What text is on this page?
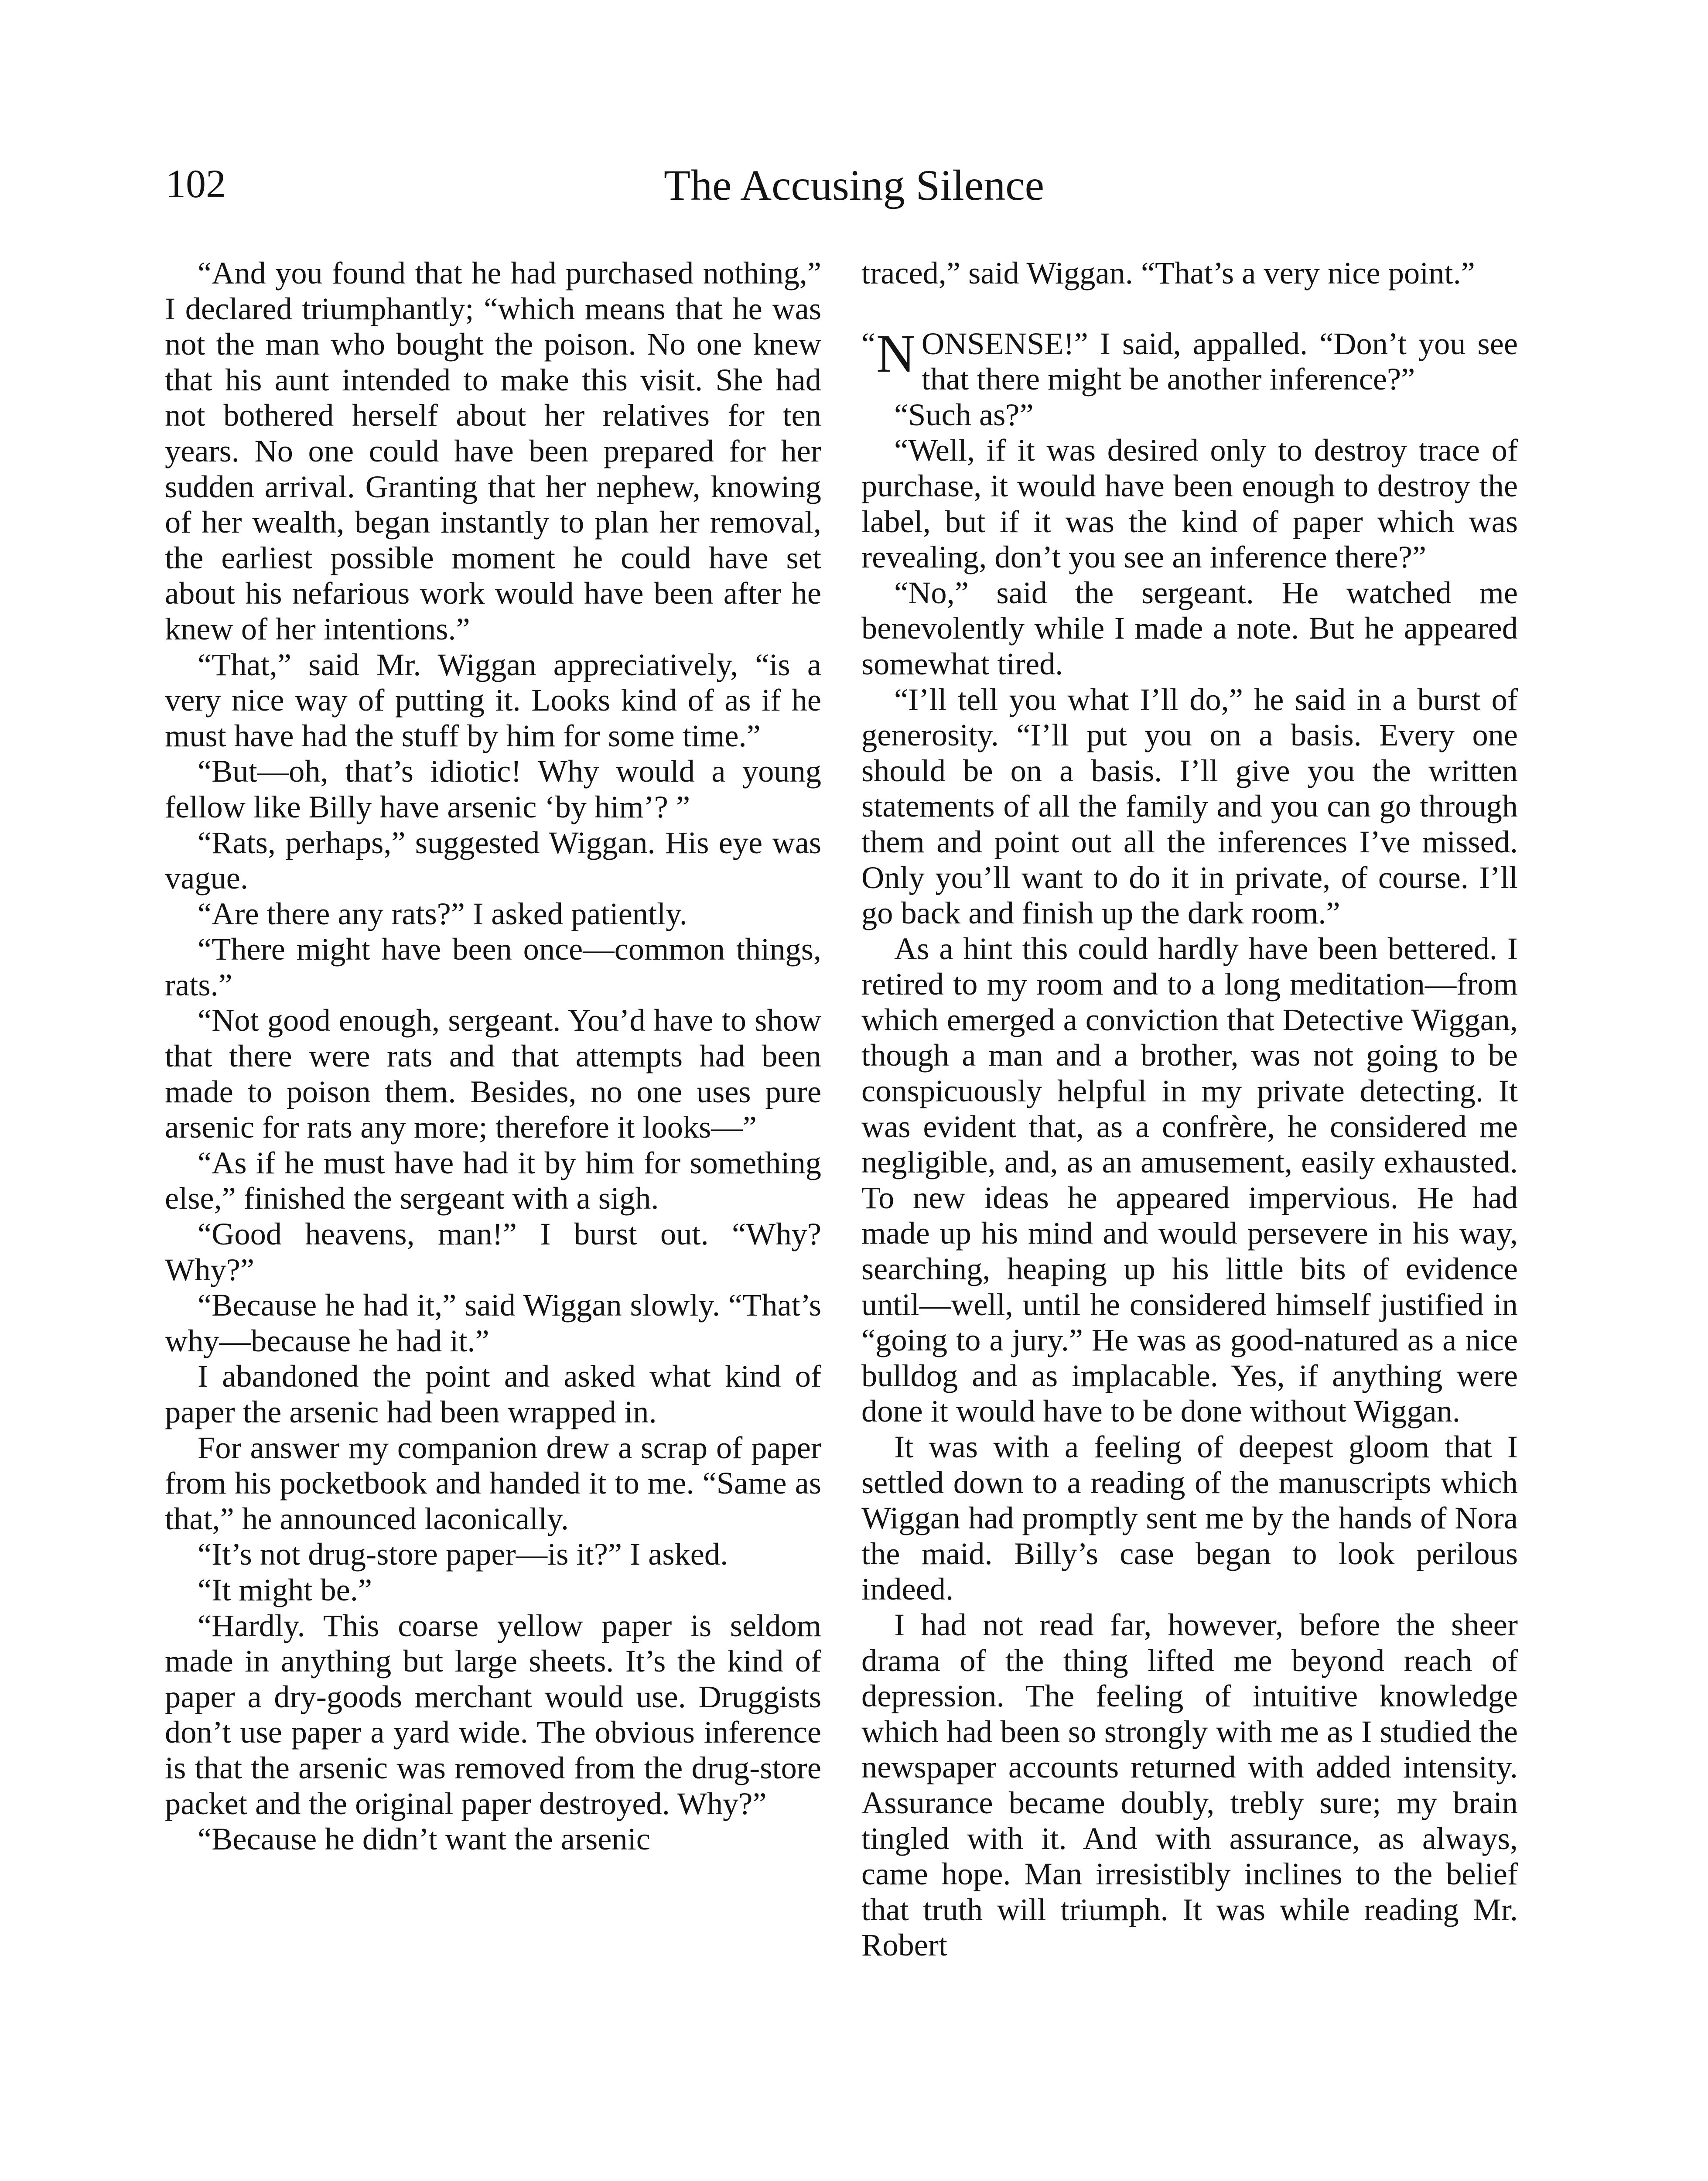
102	The Accusing Silence

“And you found that he had purchased nothing,” I declared triumphantly; “which means that he was not the man who bought the poison. No one knew that his aunt intended to make this visit. She had not bothered herself about her relatives for ten years. No one could have been prepared for her sudden arrival. Granting that her nephew, knowing of her wealth, began instantly to plan her removal, the earliest possible moment he could have set about his nefarious work would have been after he knew of her intentions.”

“That,” said Mr. Wiggan appreciatively, “is a very nice way of putting it. Looks kind of as if he must have had the stuff by him for some time.”

“But—oh, that’s idiotic! Why would a young fellow like Billy have arsenic ‘by him’? ”

“Rats, perhaps,” suggested Wiggan. His eye was vague.

“Are there any rats?” I asked patiently.

“There might have been once—common things, rats.”

“Not good enough, sergeant. You’d have to show that there were rats and that attempts had been made to poison them. Besides, no one uses pure arsenic for rats any more; therefore it looks—”

“As if he must have had it by him for something else,” finished the sergeant with a sigh.

“Good heavens, man!” I burst out. “Why? Why?”

“Because he had it,” said Wiggan slowly. “That’s why—because he had it.”

I abandoned the point and asked what kind of paper the arsenic had been wrapped in.

For answer my companion drew a scrap of paper from his pocketbook and handed it to me. “Same as that,” he announced laconically.

“It’s not drug-store paper—is it?” I asked.

“It might be.”

“Hardly. This coarse yellow paper is seldom made in anything but large sheets. It’s the kind of paper a dry-goods merchant would use. Druggists don’t use paper a yard wide. The obvious inference is that the arsenic was removed from the drug-store packet and the original paper destroyed. Why?”

“Because he didn’t want the arsenic

traced,” said Wiggan. “That’s a very nice point.”

“ N ONSENSE!” I said, appalled. “Don’t you see that there might be another inference?”

“Such as?”

“Well, if it was desired only to destroy trace of purchase, it would have been enough to destroy the label, but if it was the kind of paper which was revealing, don’t you see an inference there?”

“No,” said the sergeant. He watched me benevolently while I made a note. But he appeared somewhat tired.

“I’ll tell you what I’ll do,” he said in a burst of generosity. “I’ll put you on a basis. Every one should be on a basis. I’ll give you the written statements of all the family and you can go through them and point out all the inferences I’ve missed. Only you’ll want to do it in private, of course. I’ll go back and finish up the dark room.”

As a hint this could hardly have been bettered. I retired to my room and to a long meditation—from which emerged a conviction that Detective Wiggan, though a man and a brother, was not going to be conspicuously helpful in my private detecting. It was evident that, as a confrère, he considered me negligible, and, as an amusement, easily exhausted. To new ideas he appeared impervious. He had made up his mind and would persevere in his way, searching, heaping up his little bits of evidence until—well, until he considered himself justified in “going to a jury.” He was as good-natured as a nice bulldog and as implacable. Yes, if anything were done it would have to be done without Wiggan.

It was with a feeling of deepest gloom that I settled down to a reading of the manuscripts which Wiggan had promptly sent me by the hands of Nora the maid. Billy’s case began to look perilous indeed.

I had not read far, however, before the sheer drama of the thing lifted me beyond reach of depression. The feeling of intuitive knowledge which had been so strongly with me as I studied the newspaper accounts returned with added intensity. Assurance became doubly, trebly sure; my brain tingled with it. And with assurance, as always, came hope. Man irresistibly inclines to the belief that truth will triumph. It was while reading Mr. Robert
